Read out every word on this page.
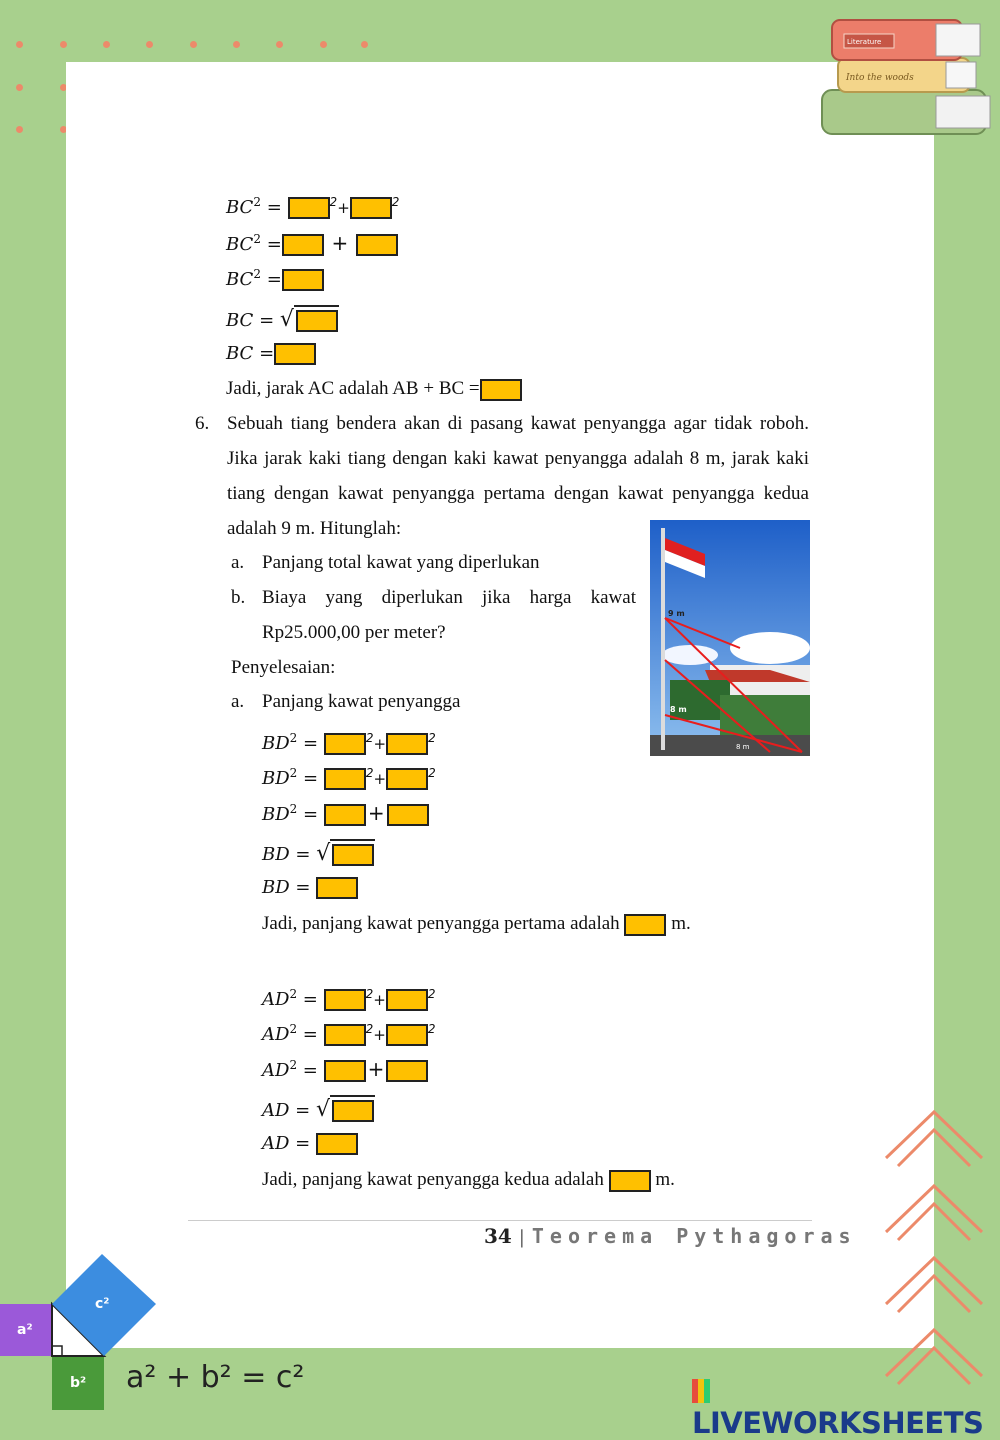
Into the woods
Literature
$BC^2$ =	$^2$+	$^2$
$BC^2$ = +
$BC^2$ =
BC = √
BC =
Jadi, jarak AC adalah AB + BC =
6. Sebuah tiang bendera akan di pasang kawat penyangga agar tidak roboh. Jika jarak kaki tiang dengan kaki kawat penyangga adalah 8 m, jarak kaki tiang dengan kawat penyangga pertama dengan kawat penyangga kedua adalah 9 m. Hitunglah:
a. Panjang total kawat yang diperlukan
b. Biaya yang diperlukan jika harga kawat Rp25.000,00 per meter?
Penyelesaian:
a. Panjang kawat penyangga
9 m
8 m
8 m
$BD^2$ =	$^2$+	$^2$
$BD^2$ =	$^2$+	$^2$
$BD^2$ = +
BD = √
BD =
Jadi, panjang kawat penyangga pertama adalah	m.
$AD^2$ =	$^2$+	$^2$
$AD^2$ =	$^2$+	$^2$
$AD^2$ = +
AD = √
AD =
Jadi, panjang kawat penyangga kedua adalah	m.
34 | Teorema Pythagoras
c²
a²
b² a² + b² = c²
LIVEWORKSHEETS
